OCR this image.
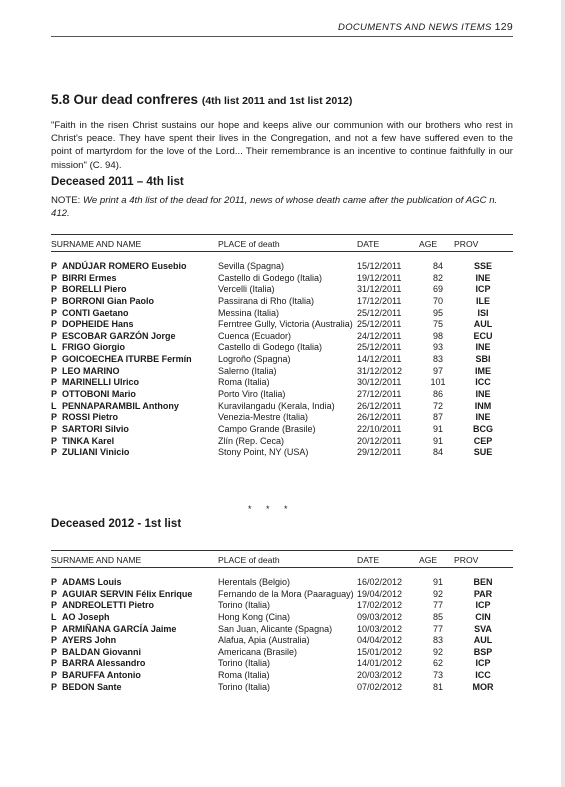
DOCUMENTS AND NEWS ITEMS 129
5.8 Our dead confreres (4th list 2011 and 1st list 2012)

"Faith in the risen Christ sustains our hope and keeps alive our communion with our brothers who rest in Christ's peace. They have spent their lives in the Congregation, and not a few have suffered even to the point of martyrdom for the love of the Lord... Their remembrance is an incentive to continue faithfully in our mission" (C. 94).

Deceased 2011 – 4th list

NOTE: We print a 4th list of the dead for 2011, news of whose death came after the publication of AGC n. 412.

SURNAME AND NAME	PLACE of death	DATE	AGE PROV
P ANDÚJAR ROMERO Eusebio	Sevilla (Spagna)	15/12/2011	84	SSE
P BIRRI Ermes	Castello di Godego (Italia)	19/12/2011	82	INE
P BORELLI Piero	Vercelli (Italia)	31/12/2011	69	ICP
P BORRONI Gian Paolo	Passirana di Rho (Italia)	17/12/2011	70	ILE
P CONTI Gaetano	Messina (Italia)	25/12/2011	95	ISI
P DOPHEIDE Hans	Ferntree Gully, Victoria (Australia) 25/12/2011	75	AUL
P ESCOBAR GARZÓN Jorge	Cuenca (Ecuador)	24/12/2011	98	ECU
L FRIGO Giorgio	Castello di Godego (Italia)	25/12/2011	93	INE
P GOICOECHEA ITURBE Fermín	Logroño (Spagna)	14/12/2011	83	SBI
P LEO MARINO	Salerno (Italia)	31/12/2012	97	IME
P MARINELLI Ulrico	Roma (Italia)	30/12/2011	101	ICC
P OTTOBONI Mario	Porto Viro (Italia)	27/12/2011	86	INE
L PENNAPARAMBIL Anthony	Kuravilangadu (Kerala, India) 26/12/2011	72	INM
P ROSSI Pietro	Venezia-Mestre (Italia)	26/12/2011	87	INE
P SARTORI Silvio	Campo Grande (Brasile)	22/10/2011	91	BCG
P TINKA Karel	Zlín (Rep. Ceca)	20/12/2011	91	CEP
P ZULIANI Vinicio	Stony Point, NY (USA)	29/12/2011	84	SUE
* * *
Deceased 2012 - 1st list
SURNAME AND NAME	PLACE of death	DATE	AGE PROV
P ADAMS Louis	Herentals (Belgio)	16/02/2012	91	BEN
P AGUIAR SERVIN Félix Enrique	Fernando de la Mora (Paaraguay) 19/04/2012	92	PAR
P ANDREOLETTI Pietro	Torino (Italia)	17/02/2012	77	ICP
L AO Joseph	Hong Kong (Cina)	09/03/2012	85	CIN
P ARMIÑANA GARCÍA Jaime	San Juan, Alicante (Spagna)	10/03/2012	77	SVA
P AYERS John	Alafua, Apia (Australia)	04/04/2012	83	AUL
P BALDAN Giovanni	Americana (Brasile)	15/01/2012	92	BSP
P BARRA Alessandro	Torino (Italia)	14/01/2012	62	ICP
P BARUFFA Antonio	Roma (Italia)	20/03/2012	73	ICC
P BEDON Sante	Torino (Italia)	07/02/2012	81	MOR
